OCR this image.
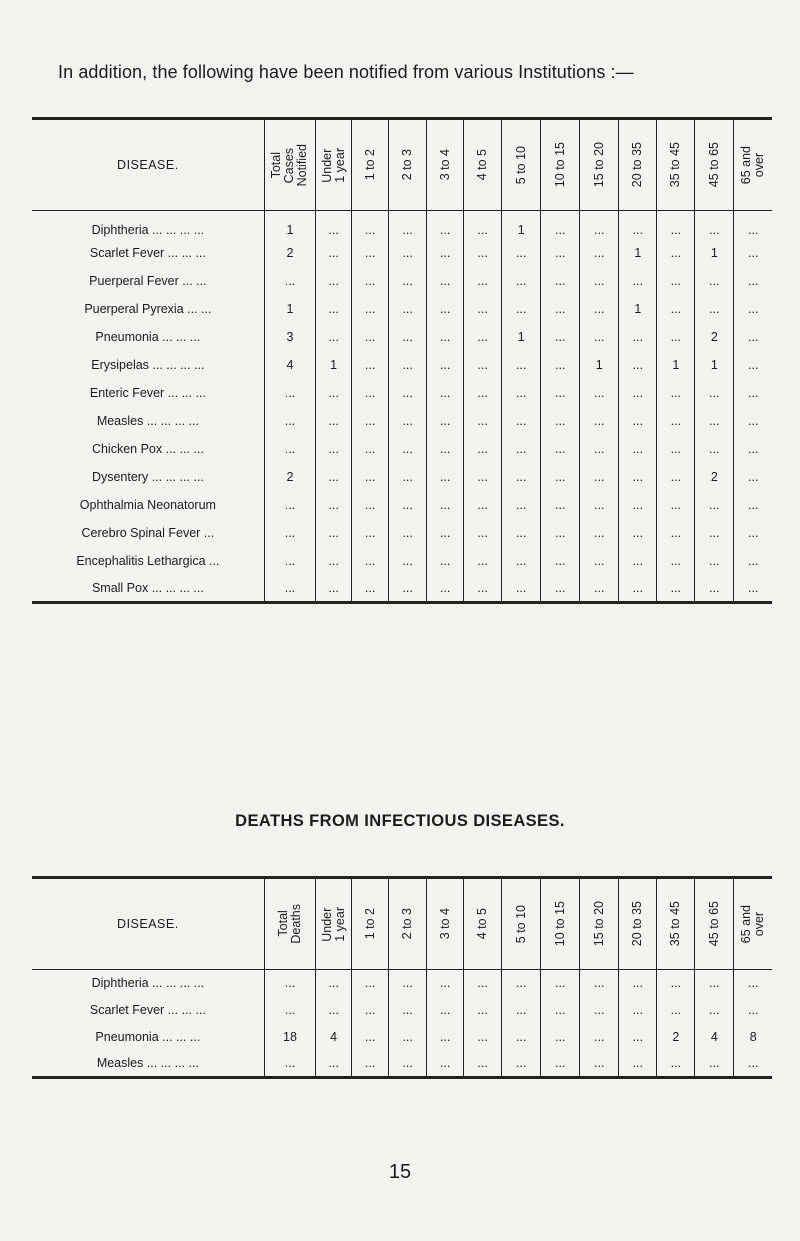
In addition, the following have been notified from various Institutions :—
DISEASE.	Total
Cases
Notified	Under
1 year	1 to 2	2 to 3	3 to 4	4 to 5	5 to 10	10 to 15	15 to 20	20 to 35	35 to 45	45 to 65	65 and
over

Diphtheria ... ... ... ...	1	...	...	...	...	...	1	...	...	...	...	...	...
Scarlet Fever ... ... ...	2	...	...	...	...	...	...	...	...	1	...	1	...
Puerperal Fever ... ...	...	...	...	...	...	...	...	...	...	...	...	...	...
Puerperal Pyrexia ... ...	1	...	...	...	...	...	...	...	...	1	...	...	...
Pneumonia ... ... ...	3	...	...	...	...	...	1	...	...	...	...	2	...
Erysipelas ... ... ... ...	4	1	...	...	...	...	...	...	1	...	1	1	...
Enteric Fever ... ... ...	...	...	...	...	...	...	...	...	...	...	...	...	...
Measles ... ... ... ...	...	...	...	...	...	...	...	...	...	...	...	...	...
Chicken Pox ... ... ...	...	...	...	...	...	...	...	...	...	...	...	...	...
Dysentery ... ... ... ...	2	...	...	...	...	...	...	...	...	...	...	2	...
Ophthalmia Neonatorum	...	...	...	...	...	...	...	...	...	...	...	...	...
Cerebro Spinal Fever ...	...	...	...	...	...	...	...	...	...	...	...	...	...
Encephalitis Lethargica ...	...	...	...	...	...	...	...	...	...	...	...	...	...
Small Pox ... ... ... ...	...	...	...	...	...	...	...	...	...	...	...	...	...
DEATHS FROM INFECTIOUS DISEASES.
DISEASE.	Total
Deaths	Under
1 year	1 to 2	2 to 3	3 to 4	4 to 5	5 to 10	10 to 15	15 to 20	20 to 35	35 to 45	45 to 65	65 and
over

Diphtheria ... ... ... ...	...	...	...	...	...	...	...	...	...	...	...	...	...
Scarlet Fever ... ... ...	...	...	...	...	...	...	...	...	...	...	...	...	...
Pneumonia ... ... ...	18	4	...	...	...	...	...	...	...	...	2	4	8
Measles ... ... ... ...	...	...	...	...	...	...	...	...	...	...	...	...	...
15
